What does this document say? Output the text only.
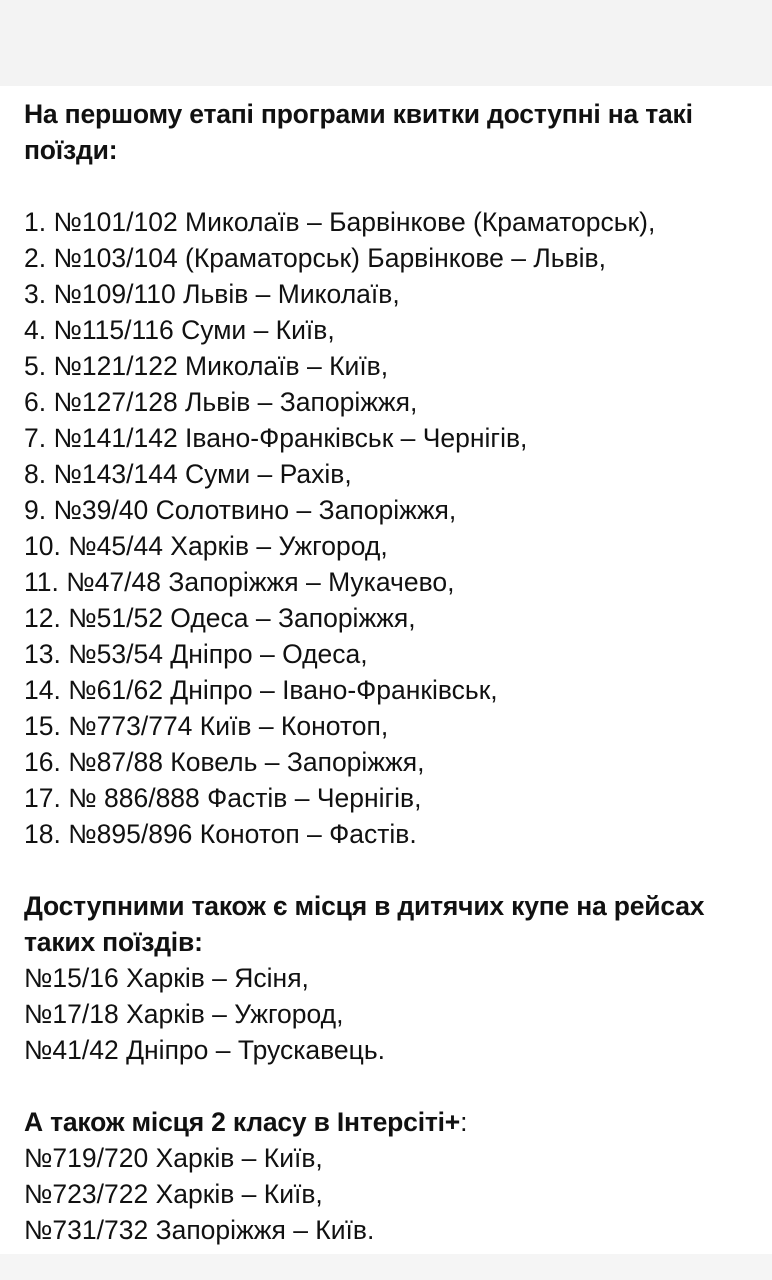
На першому етапі програми квитки доступні на такі
поїзди:
1. №101/102 Миколаїв – Барвінкове (Краматорськ),
2. №103/104 (Краматорськ) Барвінкове – Львів,
3. №109/110 Львів – Миколаїв,
4. №115/116 Суми – Київ,
5. №121/122 Миколаїв – Київ,
6. №127/128 Львів – Запоріжжя,
7. №141/142 Івано-Франківськ – Чернігів,
8. №143/144 Суми – Рахів,
9. №39/40 Солотвино – Запоріжжя,
10. №45/44 Харків – Ужгород,
11. №47/48 Запоріжжя – Мукачево,
12. №51/52 Одеса – Запоріжжя,
13. №53/54 Дніпро – Одеса,
14. №61/62 Дніпро – Івано-Франківськ,
15. №773/774 Київ – Конотоп,
16. №87/88 Ковель – Запоріжжя,
17. № 886/888 Фастів – Чернігів,
18. №895/896 Конотоп – Фастів.
Доступними також є місця в дитячих купе на рейсах
таких поїздів:
№15/16 Харків – Ясіня,
№17/18 Харків – Ужгород,
№41/42 Дніпро – Трускавець.
А також місця 2 класу в Інтерсіті+:
№719/720 Харків – Київ,
№723/722 Харків – Київ,
№731/732 Запоріжжя – Київ.
